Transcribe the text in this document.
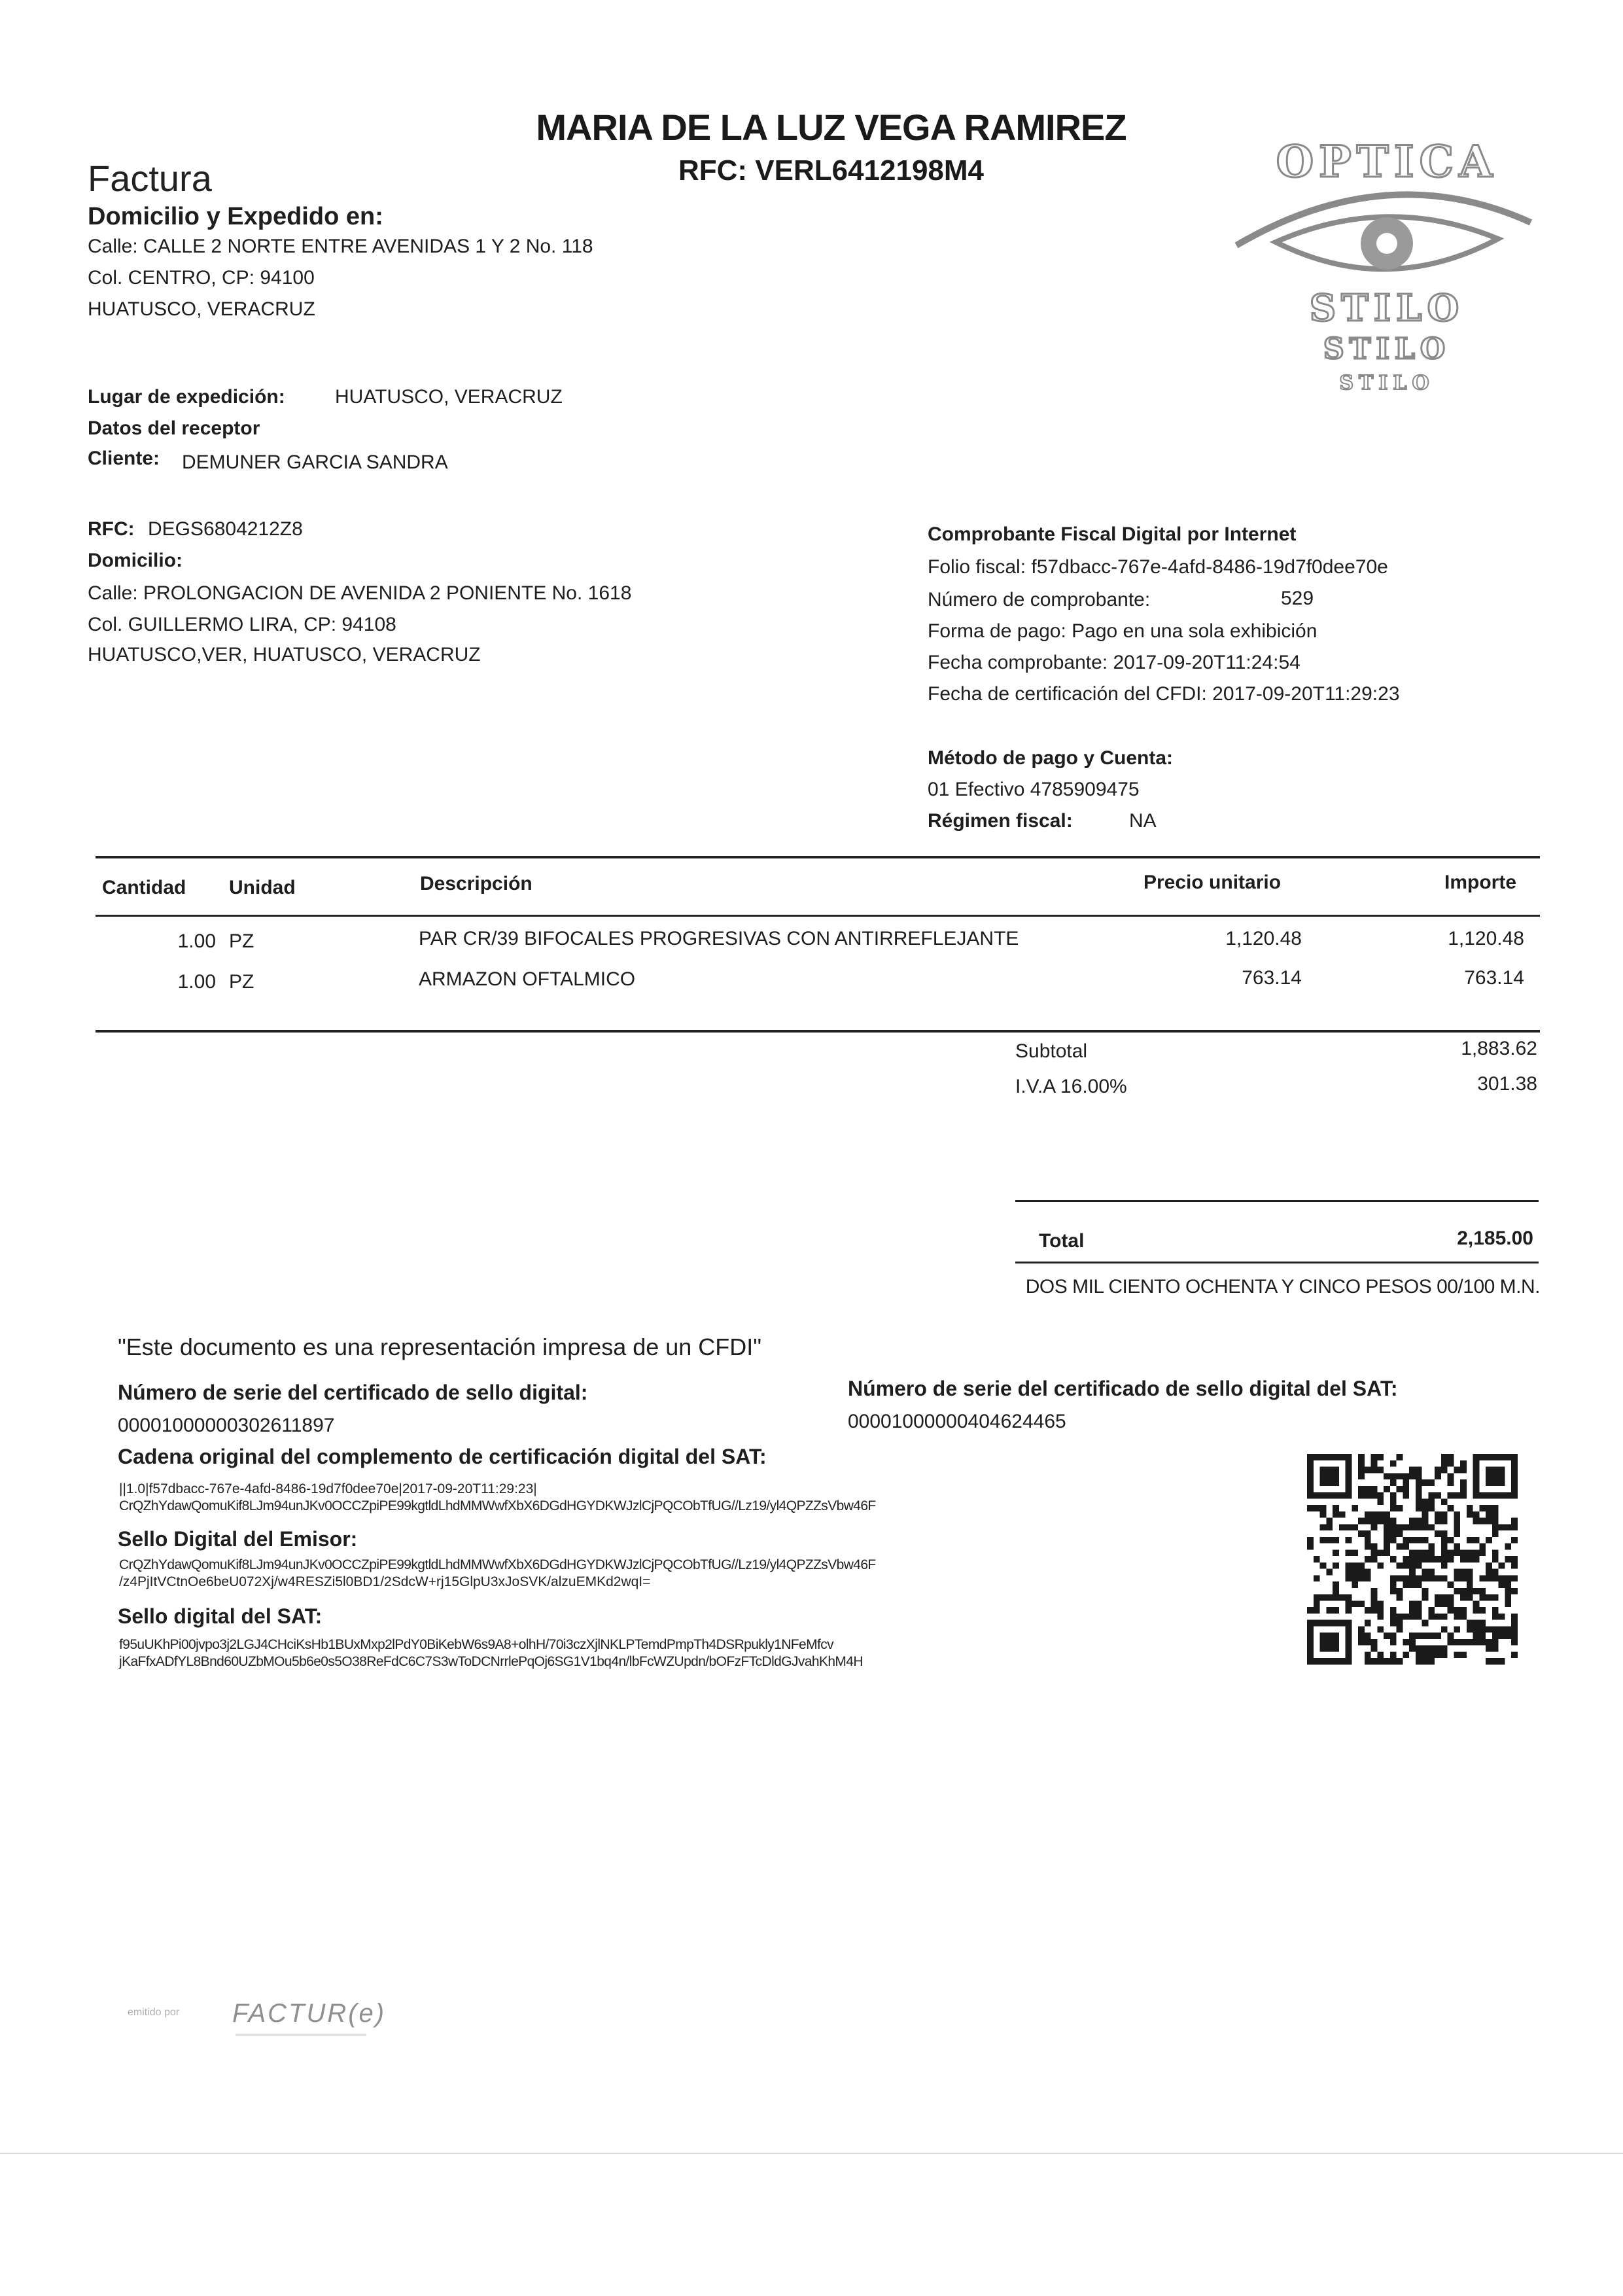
MARIA DE LA LUZ VEGA RAMIREZ
RFC: VERL6412198M4
Factura
Domicilio y Expedido en:
Calle: CALLE 2 NORTE ENTRE AVENIDAS 1 Y 2 No. 118
Col. CENTRO, CP: 94100
HUATUSCO, VERACRUZ
OPTICA
STILO
STILO
STILO
Lugar de expedición:	HUATUSCO, VERACRUZ
Datos del receptor
Cliente: DEMUNER GARCIA SANDRA
RFC: DEGS6804212Z8
Domicilio:
Calle: PROLONGACION DE AVENIDA 2 PONIENTE No. 1618
Col. GUILLERMO LIRA, CP: 94108
HUATUSCO,VER, HUATUSCO, VERACRUZ
Comprobante Fiscal Digital por Internet
Folio fiscal: f57dbacc-767e-4afd-8486-19d7f0dee70e
Número de comprobante:	529
Forma de pago: Pago en una sola exhibición
Fecha comprobante: 2017-09-20T11:24:54
Fecha de certificación del CFDI: 2017-09-20T11:29:23
Método de pago y Cuenta:
01 Efectivo 4785909475
Régimen fiscal:	NA
Cantidad Unidad	Descripción	Precio unitario	Importe
1.00 PZ	PAR CR/39 BIFOCALES PROGRESIVAS CON ANTIRREFLEJANTE	1,120.48	1,120.48
1.00 PZ	ARMAZON OFTALMICO	763.14	763.14
Subtotal	1,883.62
I.V.A 16.00%	301.38
Total	2,185.00
DOS MIL CIENTO OCHENTA Y CINCO PESOS 00/100 M.N.
"Este documento es una representación impresa de un CFDI"
Número de serie del certificado de sello digital:
00001000000302611897
Número de serie del certificado de sello digital del SAT:
00001000000404624465
Cadena original del complemento de certificación digital del SAT:
||1.0|f57dbacc-767e-4afd-8486-19d7f0dee70e|2017-09-20T11:29:23|
CrQZhYdawQomuKif8LJm94unJKv0OCCZpiPE99kgtldLhdMMWwfXbX6DGdHGYDKWJzlCjPQCObTfUG//Lz19/yl4QPZZsVbw46F
Sello Digital del Emisor:
CrQZhYdawQomuKif8LJm94unJKv0OCCZpiPE99kgtldLhdMMWwfXbX6DGdHGYDKWJzlCjPQCObTfUG//Lz19/yl4QPZZsVbw46F
/z4PjItVCtnOe6beU072Xj/w4RESZi5l0BD1/2SdcW+rj15GlpU3xJoSVK/alzuEMKd2wqI=
Sello digital del SAT:
f95uUKhPi00jvpo3j2LGJ4CHciKsHb1BUxMxp2lPdY0BiKebW6s9A8+olhH/70i3czXjlNKLPTemdPmpTh4DSRpukly1NFeMfcv
jKaFfxADfYL8Bnd60UZbMOu5b6e0s5O38ReFdC6C7S3wToDCNrrlePqOj6SG1V1bq4n/lbFcWZUpdn/bOFzFTcDldGJvahKhM4H
emitido por FACTUR(e)
